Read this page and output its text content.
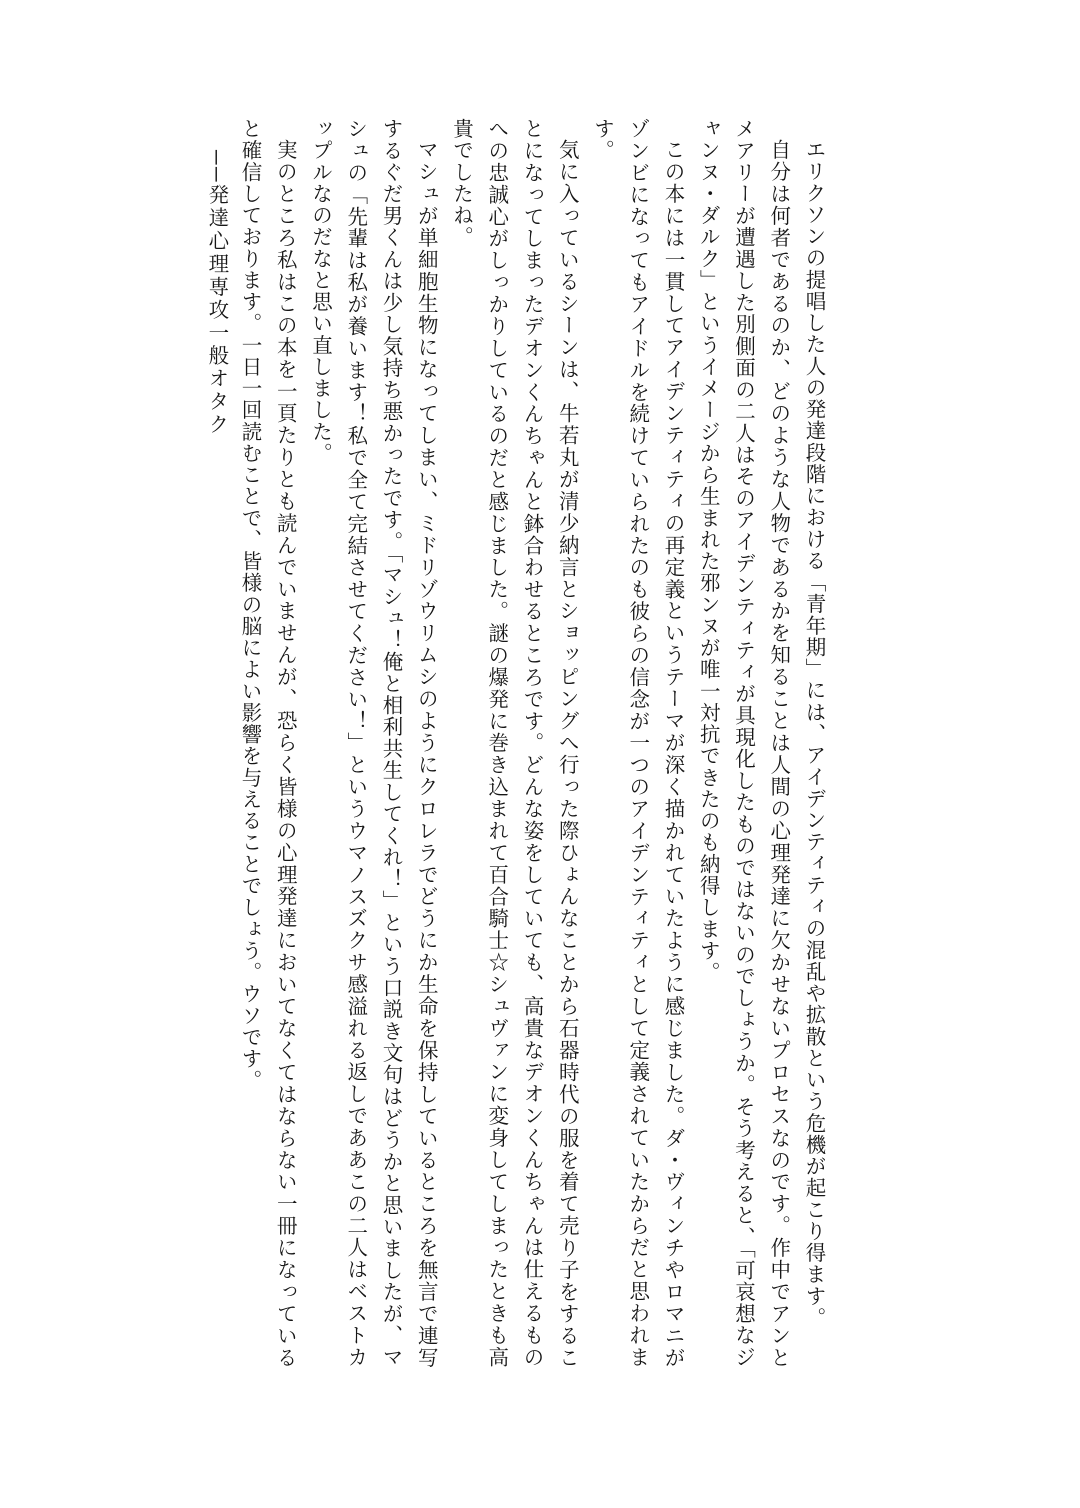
エリクソンの提唱した人の発達段階における「青年期」には、アイデンティティの混乱や拡散という危機が起こり得ます。

自分は何者であるのか、どのような人物であるかを知ることは人間の心理発達に欠かせないプロセスなのです。作中でアンとメアリーが遭遇した別側面の二人はそのアイデンティティが具現化したものではないのでしょうか。そう考えると、「可哀想なジャンヌ・ダルク」というイメージから生まれた邪ンヌが唯一対抗できたのも納得します。

この本には一貫してアイデンティティの再定義というテーマが深く描かれていたように感じました。ダ・ヴィンチやロマニがゾンビになってもアイドルを続けていられたのも彼らの信念が一つのアイデンティティとして定義されていたからだと思われます。

気に入っているシーンは、牛若丸が清少納言とショッピングへ行った際ひょんなことから石器時代の服を着て売り子をすることになってしまったデオンくんちゃんと鉢合わせるところです。どんな姿をしていても、高貴なデオンくんちゃんは仕えるものへの忠誠心がしっかりしているのだと感じました。謎の爆発に巻き込まれて百合騎士☆シュヴァンに変身してしまったときも高貴でしたね。

マシュが単細胞生物になってしまい、ミドリゾウリムシのようにクロレラでどうにか生命を保持しているところを無言で連写するぐだ男くんは少し気持ち悪かったです。「マシュ！俺と相利共生してくれ！」という口説き文句はどうかと思いましたが、マシュの「先輩は私が養います！私で全て完結させてください！」というウマノスズクサ感溢れる返しでああこの二人はベストカップルなのだなと思い直しました。

実のところ私はこの本を一頁たりとも読んでいませんが、恐らく皆様の心理発達においてなくてはならない一冊になっていると確信しております。一日一回読むことで、皆様の脳によい影響を与えることでしょう。ウソです。

──発達心理専攻一般オタク
